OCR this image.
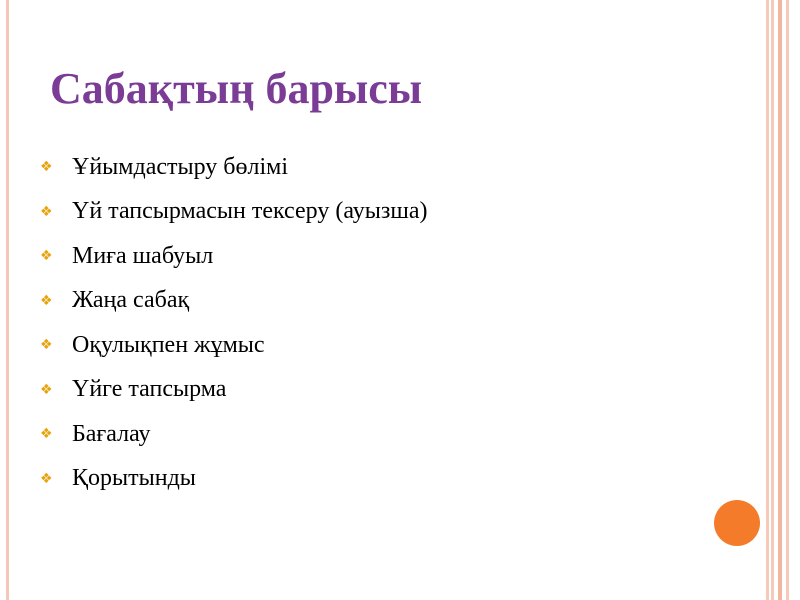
Сабақтың барысы
❖ Ұйымдастыру бөлімі
❖ Үй тапсырмасын тексеру (ауызша)
❖ Миға шабуыл
❖ Жаңа сабақ
❖ Оқулықпен жұмыс
❖ Үйге тапсырма
❖ Бағалау
❖ Қорытынды
